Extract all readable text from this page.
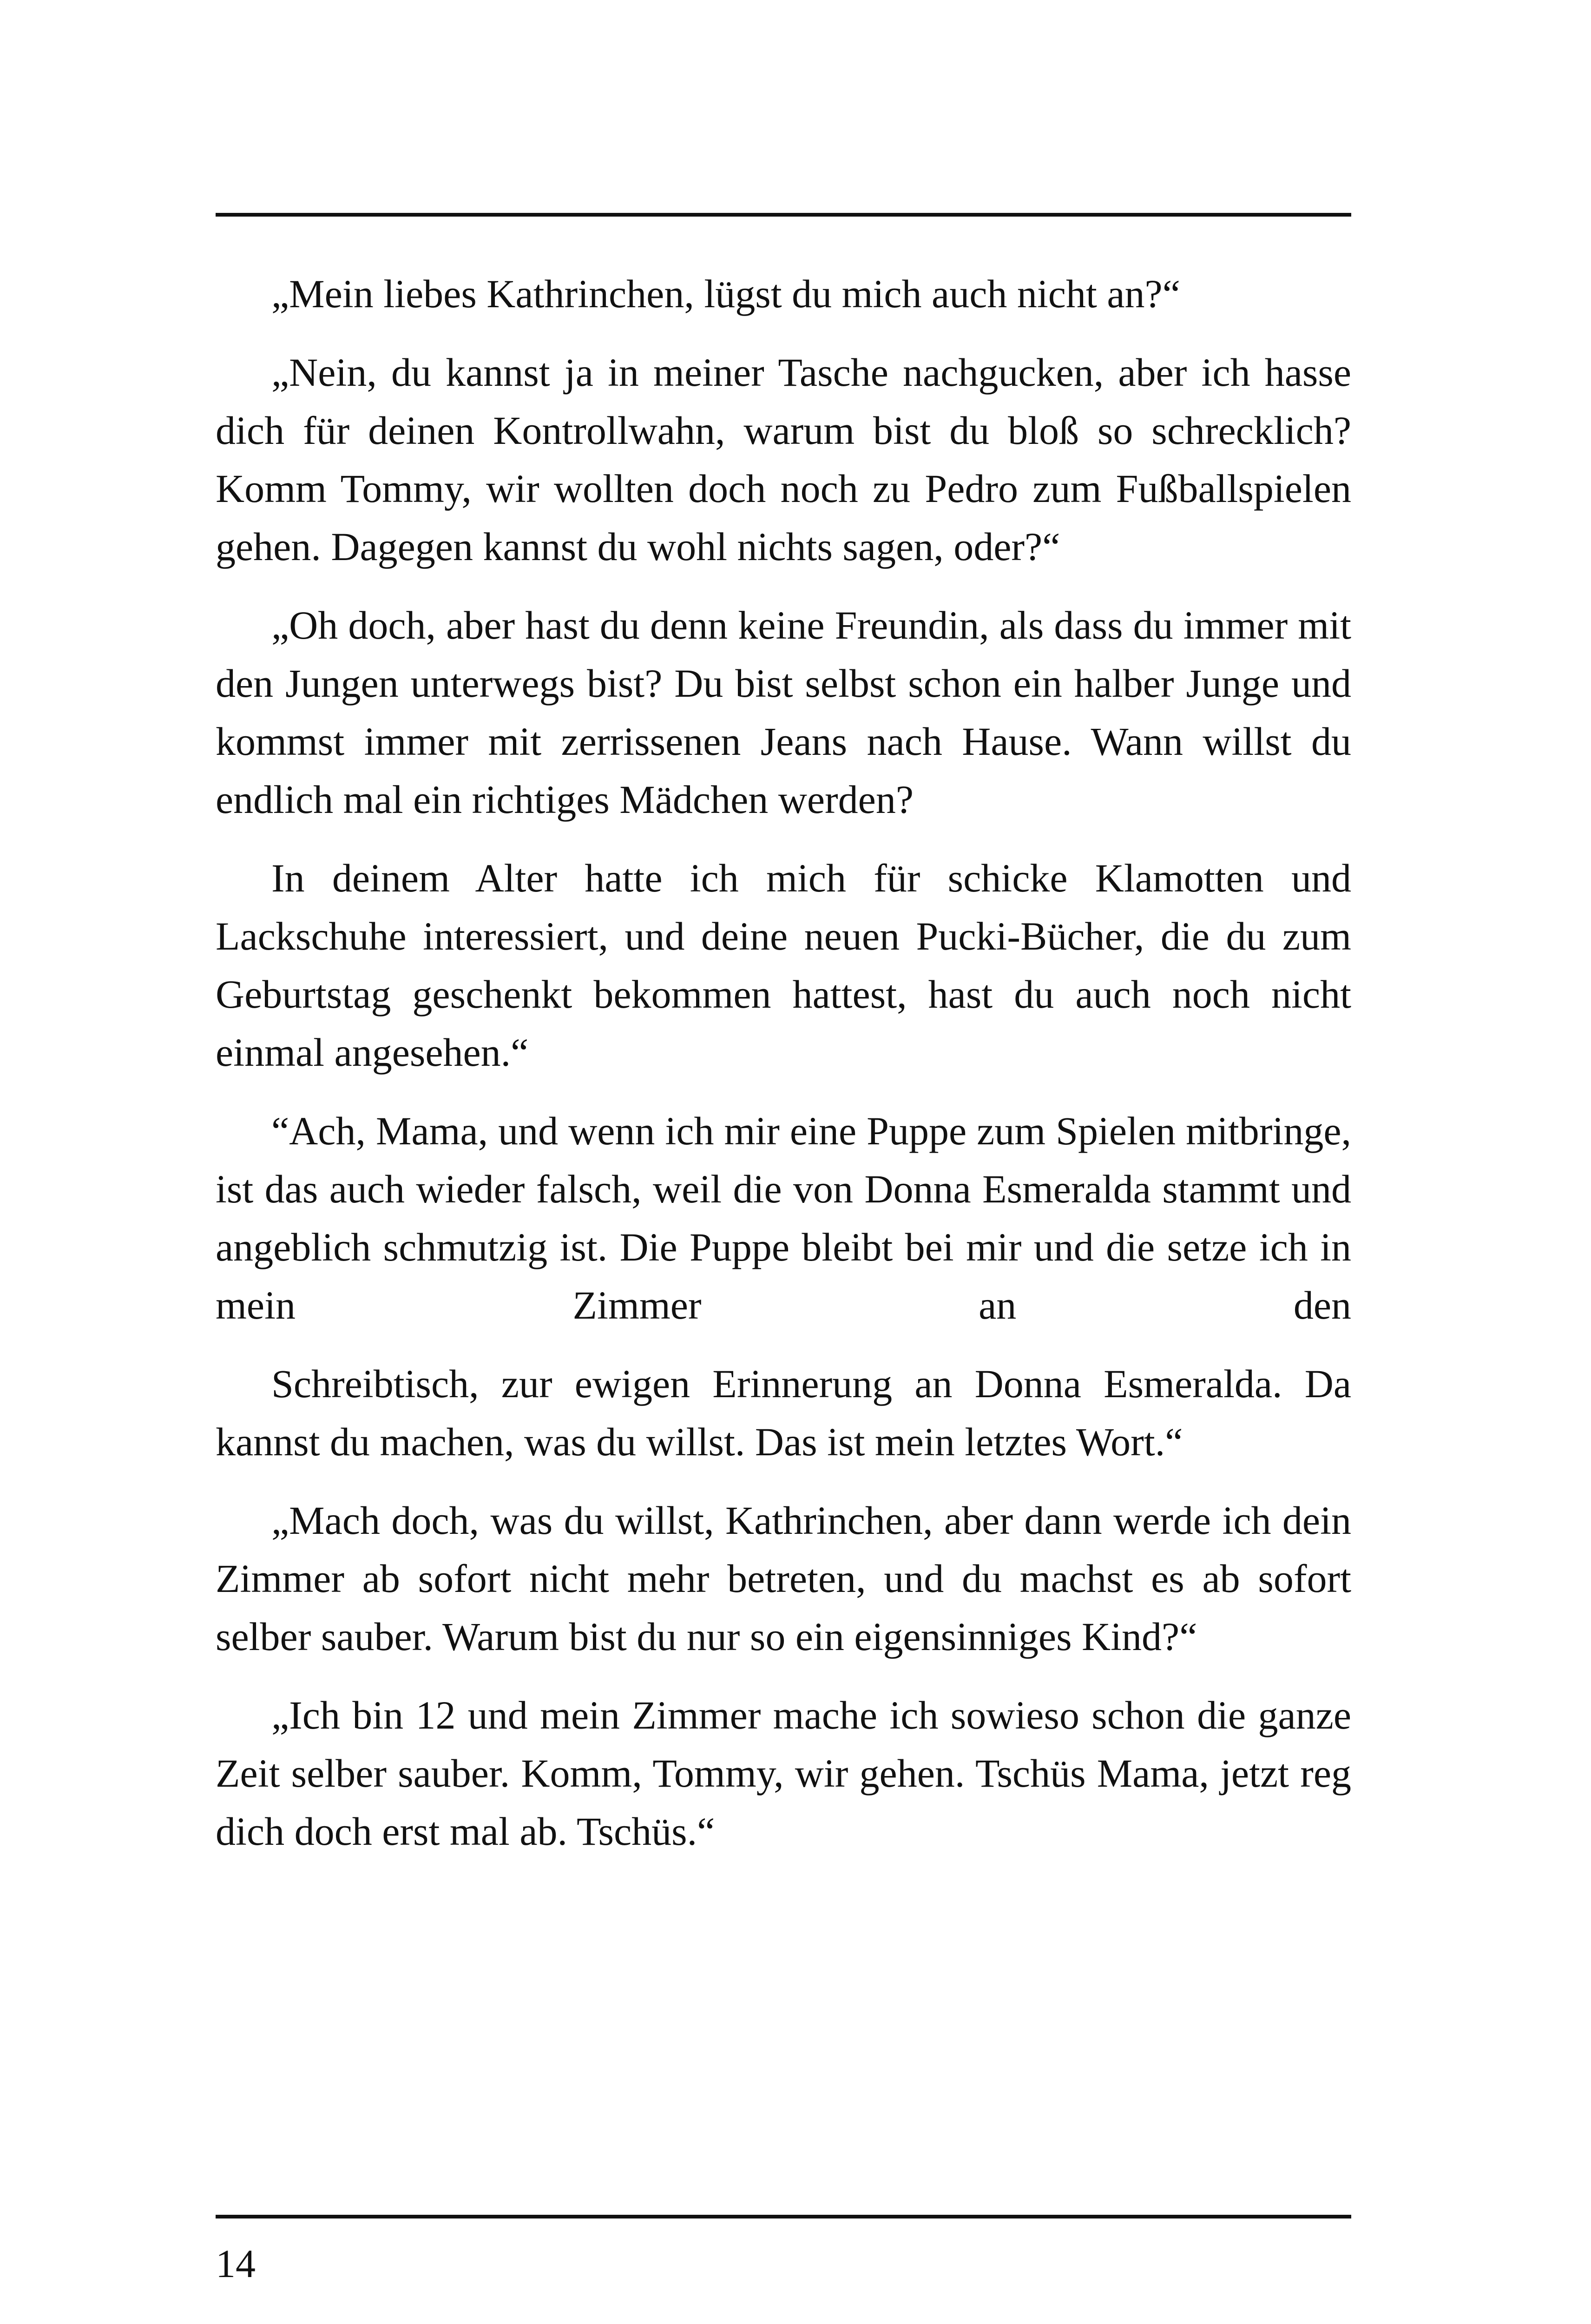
„Mein liebes Kathrinchen, lügst du mich auch nicht an?“

„Nein, du kannst ja in meiner Tasche nachgucken, aber ich hasse dich für deinen Kontrollwahn, warum bist du bloß so schrecklich? Komm Tommy, wir wollten doch noch zu Pedro zum Fußballspielen gehen. Dagegen kannst du wohl nichts sagen, oder?“

„Oh doch, aber hast du denn keine Freundin, als dass du immer mit den Jungen unterwegs bist? Du bist selbst schon ein halber Junge und kommst immer mit zerrissenen Jeans nach Hause. Wann willst du endlich mal ein richtiges Mädchen werden?

In deinem Alter hatte ich mich für schicke Klamotten und Lackschuhe interessiert, und deine neuen Pucki-Bücher, die du zum Geburtstag geschenkt bekommen hattest, hast du auch noch nicht einmal angesehen.“

“Ach, Mama, und wenn ich mir eine Puppe zum Spielen mitbringe, ist das auch wieder falsch, weil die von Donna Esmeralda stammt und angeblich schmutzig ist. Die Puppe bleibt bei mir und die setze ich in mein Zimmer an den

Schreibtisch, zur ewigen Erinnerung an Donna Esmeralda. Da kannst du machen, was du willst. Das ist mein letztes Wort.“

„Mach doch, was du willst, Kathrinchen, aber dann werde ich dein Zimmer ab sofort nicht mehr betreten, und du machst es ab sofort selber sauber. Warum bist du nur so ein eigensinniges Kind?“

„Ich bin 12 und mein Zimmer mache ich sowieso schon die ganze Zeit selber sauber. Komm, Tommy, wir gehen. Tschüs Mama, jetzt reg dich doch erst mal ab. Tschüs.“

14
